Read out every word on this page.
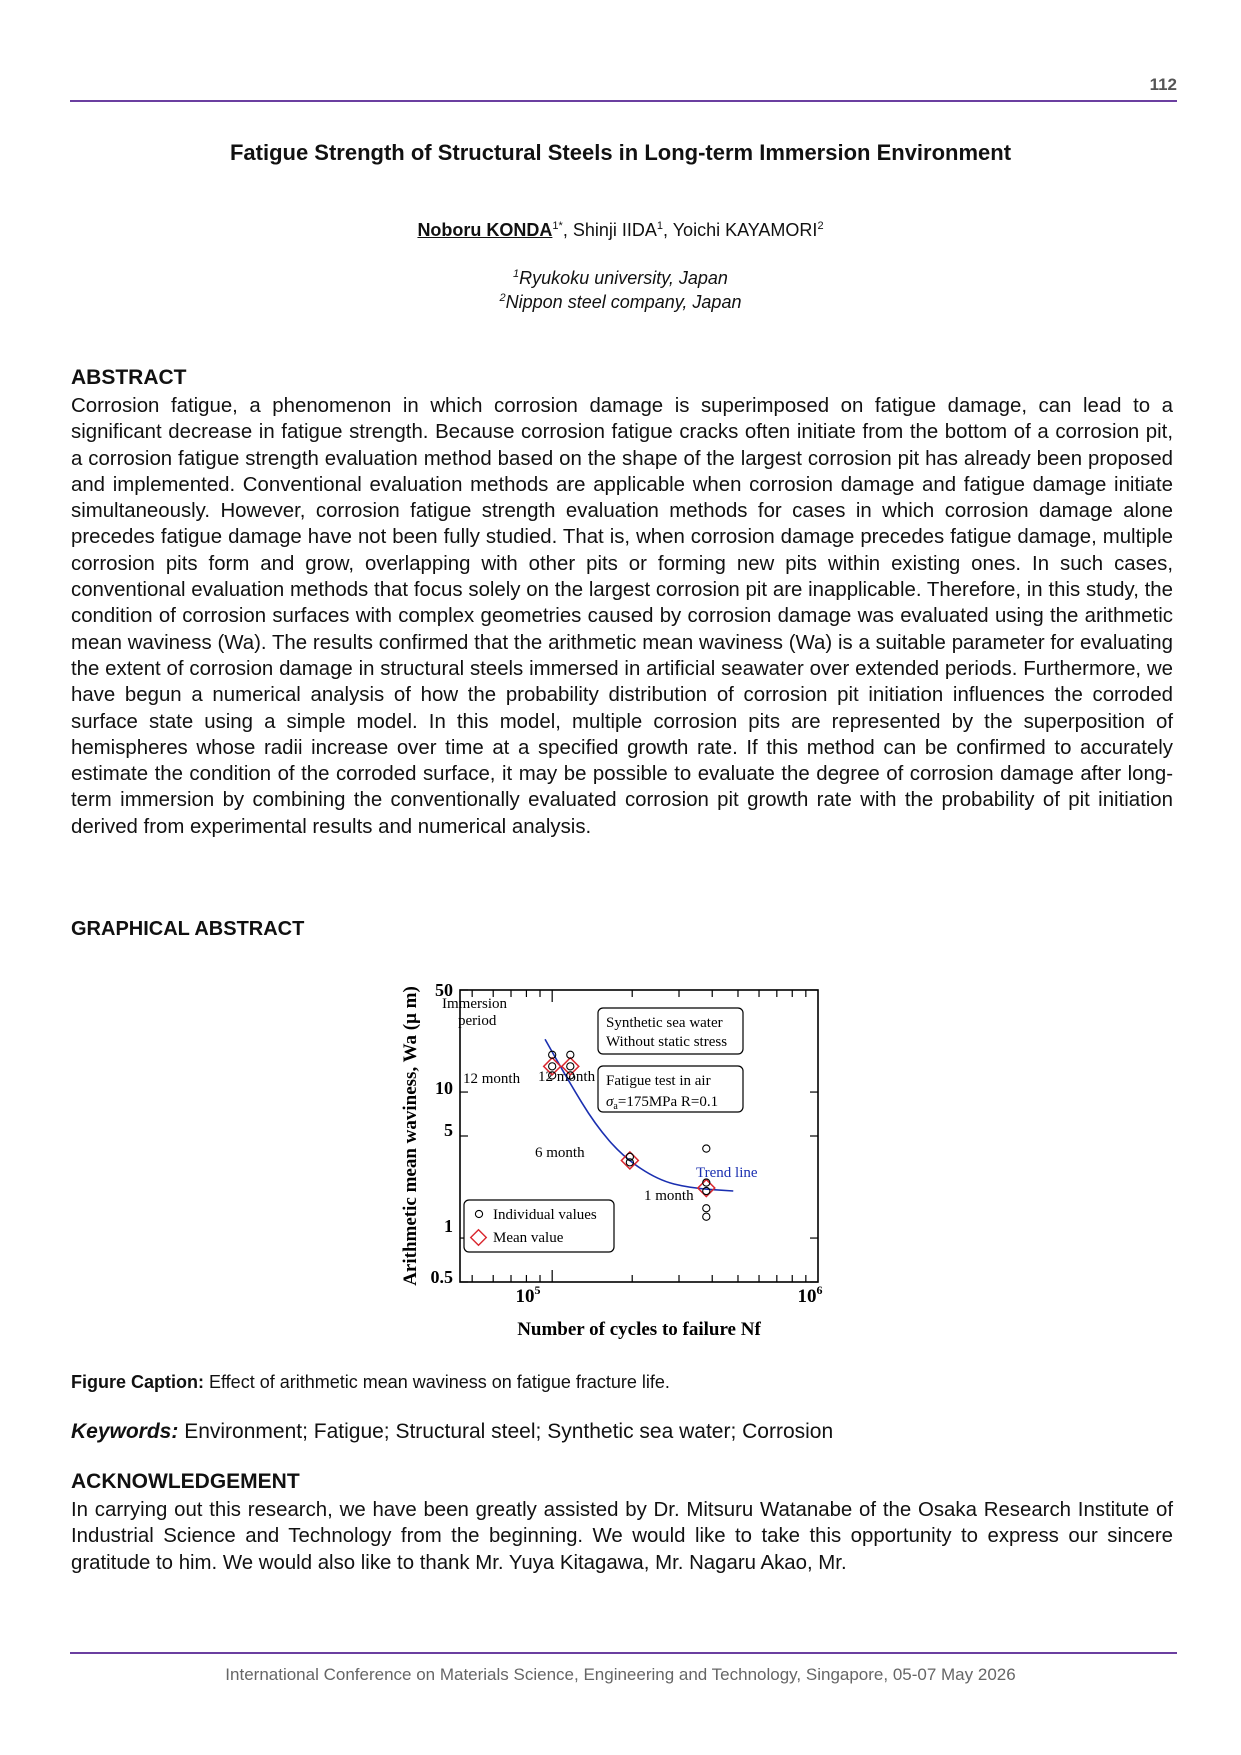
112
Fatigue Strength of Structural Steels in Long-term Immersion Environment
Noboru $KONDA^{1*}$, Shinji IIDA$^1$, Yoichi KAYAMORI$^2$
$^1$Ryukoku university, Japan
$^2$Nippon steel company, Japan
ABSTRACT
Corrosion fatigue, a phenomenon in which corrosion damage is superimposed on fatigue damage, can lead to a significant decrease in fatigue strength. Because corrosion fatigue cracks often initiate from the bottom of a corrosion pit, a corrosion fatigue strength evaluation method based on the shape of the largest corrosion pit has already been proposed and implemented. Conventional evaluation methods are applicable when corrosion damage and fatigue damage initiate simultaneously. However, corrosion fatigue strength evaluation methods for cases in which corrosion damage alone precedes fatigue damage have not been fully studied. That is, when corrosion damage precedes fatigue damage, multiple corrosion pits form and grow, overlapping with other pits or forming new pits within existing ones. In such cases, conventional evaluation methods that focus solely on the largest corrosion pit are inapplicable. Therefore, in this study, the condition of corrosion surfaces with complex geometries caused by corrosion damage was evaluated using the arithmetic mean waviness (Wa). The results confirmed that the arithmetic mean waviness (Wa) is a suitable parameter for evaluating the extent of corrosion damage in structural steels immersed in artificial seawater over extended periods. Furthermore, we have begun a numerical analysis of how the probability distribution of corrosion pit initiation influences the corroded surface state using a simple model. In this model, multiple corrosion pits are represented by the superposition of hemispheres whose radii increase over time at a specified growth rate. If this method can be confirmed to accurately estimate the condition of the corroded surface, it may be possible to evaluate the degree of corrosion damage after long-term immersion by combining the conventionally evaluated corrosion pit growth rate with the probability of pit initiation derived from experimental results and numerical analysis.
GRAPHICAL ABSTRACT
50
10
5
1
0.5
$10^5$	$10^6$
Number of cycles to failure Nf
Arithmetic mean waviness, Wa (μ m)	Synthetic sea water
Without static stress
Fatigue test in air
$\sigma_a=175MPa$ R=0.1
Individual values
Mean value
Immersion
period
12 month 12 month
6 month
1 month
Trend line
Figure Caption: Effect of arithmetic mean waviness on fatigue fracture life.
Keywords: Environment; Fatigue; Structural steel; Synthetic sea water; Corrosion
ACKNOWLEDGEMENT
In carrying out this research, we have been greatly assisted by Dr. Mitsuru Watanabe of the Osaka Research Institute of Industrial Science and Technology from the beginning. We would like to take this opportunity to express our sincere gratitude to him. We would also like to thank Mr. Yuya Kitagawa, Mr. Nagaru Akao, Mr.
International Conference on Materials Science, Engineering and Technology, Singapore, 05-07 May 2026
